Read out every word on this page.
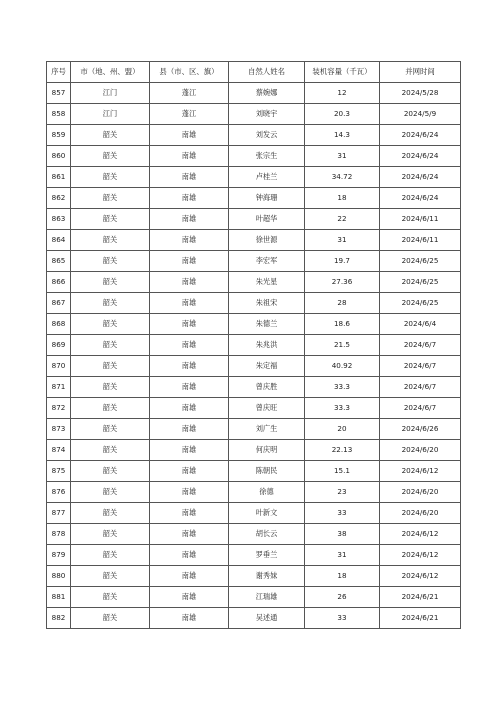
序号	市（地、州、盟）	县（市、区、旗）	自然人姓名	装机容量（千瓦）	并网时间
857	江门	蓬江	蔡婉娜	12	2024/5/28
858	江门	蓬江	刘晓宇	20.3	2024/5/9
859	韶关	南雄	刘发云	14.3	2024/6/24
860	韶关	南雄	张宗生	31	2024/6/24
861	韶关	南雄	卢桂兰	34.72	2024/6/24
862	韶关	南雄	钟海珊	18	2024/6/24
863	韶关	南雄	叶超华	22	2024/6/11
864	韶关	南雄	徐世源	31	2024/6/11
865	韶关	南雄	李宏军	19.7	2024/6/25
866	韶关	南雄	朱光星	27.36	2024/6/25
867	韶关	南雄	朱祖宋	28	2024/6/25
868	韶关	南雄	朱德兰	18.6	2024/6/4
869	韶关	南雄	朱兆洪	21.5	2024/6/7
870	韶关	南雄	朱定福	40.92	2024/6/7
871	韶关	南雄	曾庆胜	33.3	2024/6/7
872	韶关	南雄	曾庆旺	33.3	2024/6/7
873	韶关	南雄	刘广生	20	2024/6/26
874	韶关	南雄	何庆明	22.13	2024/6/20
875	韶关	南雄	陈朝民	15.1	2024/6/12
876	韶关	南雄	徐德	23	2024/6/20
877	韶关	南雄	叶新文	33	2024/6/20
878	韶关	南雄	胡长云	38	2024/6/12
879	韶关	南雄	罗垂兰	31	2024/6/12
880	韶关	南雄	谢秀妹	18	2024/6/12
881	韶关	南雄	江瑞雄	26	2024/6/21
882	韶关	南雄	吴述通	33	2024/6/21
